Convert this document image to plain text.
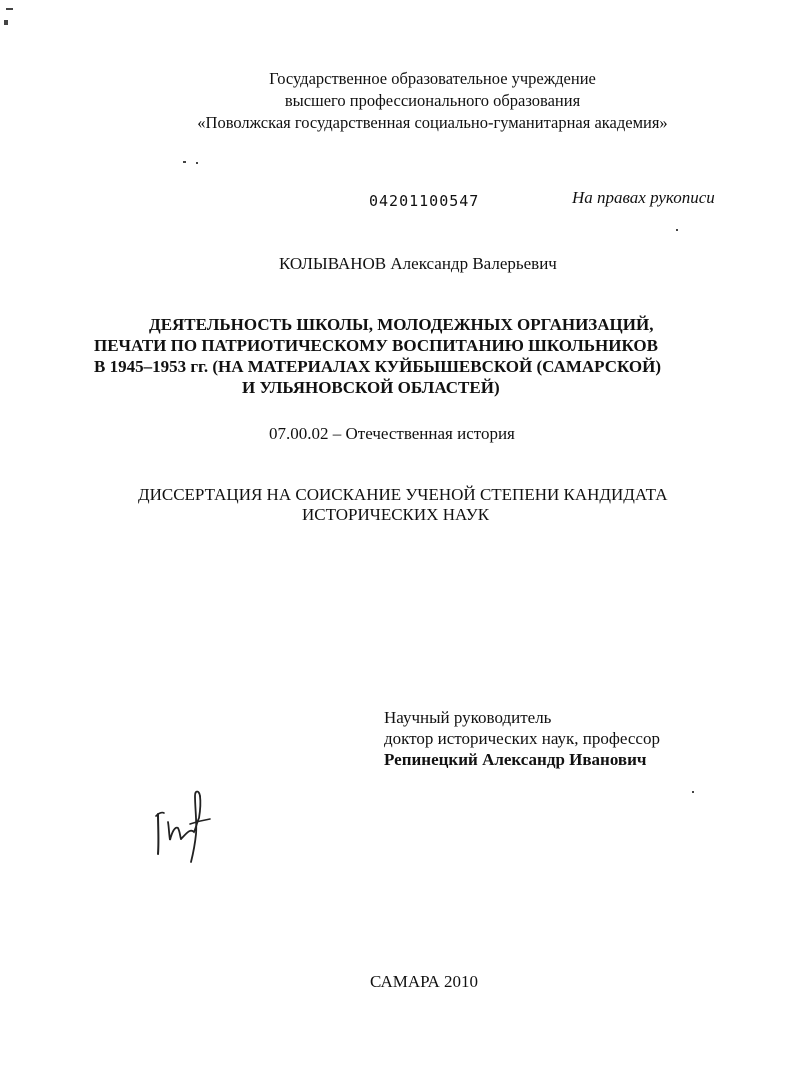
Государственное образовательное учреждение
высшего профессионального образования
«Поволжская государственная социально-гуманитарная академия»
04201100547	На правах рукописи
КОЛЫВАНОВ Александр Валерьевич
ДЕЯТЕЛЬНОСТЬ ШКОЛЫ, МОЛОДЕЖНЫХ ОРГАНИЗАЦИЙ,
ПЕЧАТИ ПО ПАТРИОТИЧЕСКОМУ ВОСПИТАНИЮ ШКОЛЬНИКОВ
В 1945–1953 гг. (НА МАТЕРИАЛАХ КУЙБЫШЕВСКОЙ (САМАРСКОЙ)
И УЛЬЯНОВСКОЙ ОБЛАСТЕЙ)
07.00.02 – Отечественная история
ДИССЕРТАЦИЯ НА СОИСКАНИЕ УЧЕНОЙ СТЕПЕНИ КАНДИДАТА
ИСТОРИЧЕСКИХ НАУК
Научный руководитель
доктор исторических наук, профессор
Репинецкий Александр Иванович
САМАРА 2010
